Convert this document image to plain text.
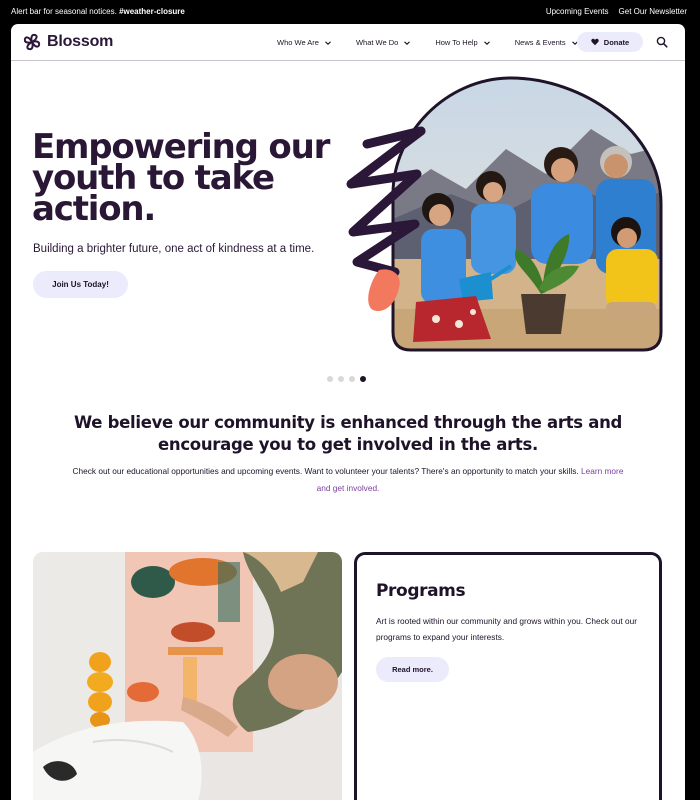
Alert bar for seasonal notices. #weather-closure	Upcoming Events Get Our Newsletter
Blossom	Who We Are	What We Do	How To Help	News & Events	Donate
Empowering our youth to take action.

Building a brighter future, one act of kindness at a time.

Join Us Today!
We believe our community is enhanced through the arts and encourage you to get involved in the arts.

Check out our educational opportunities and upcoming events. Want to volunteer your talents? There's an opportunity to match your skills. Learn more and get involved.

Programs

Art is rooted within our community and grows within you. Check out our programs to expand your interests.

Read more.
